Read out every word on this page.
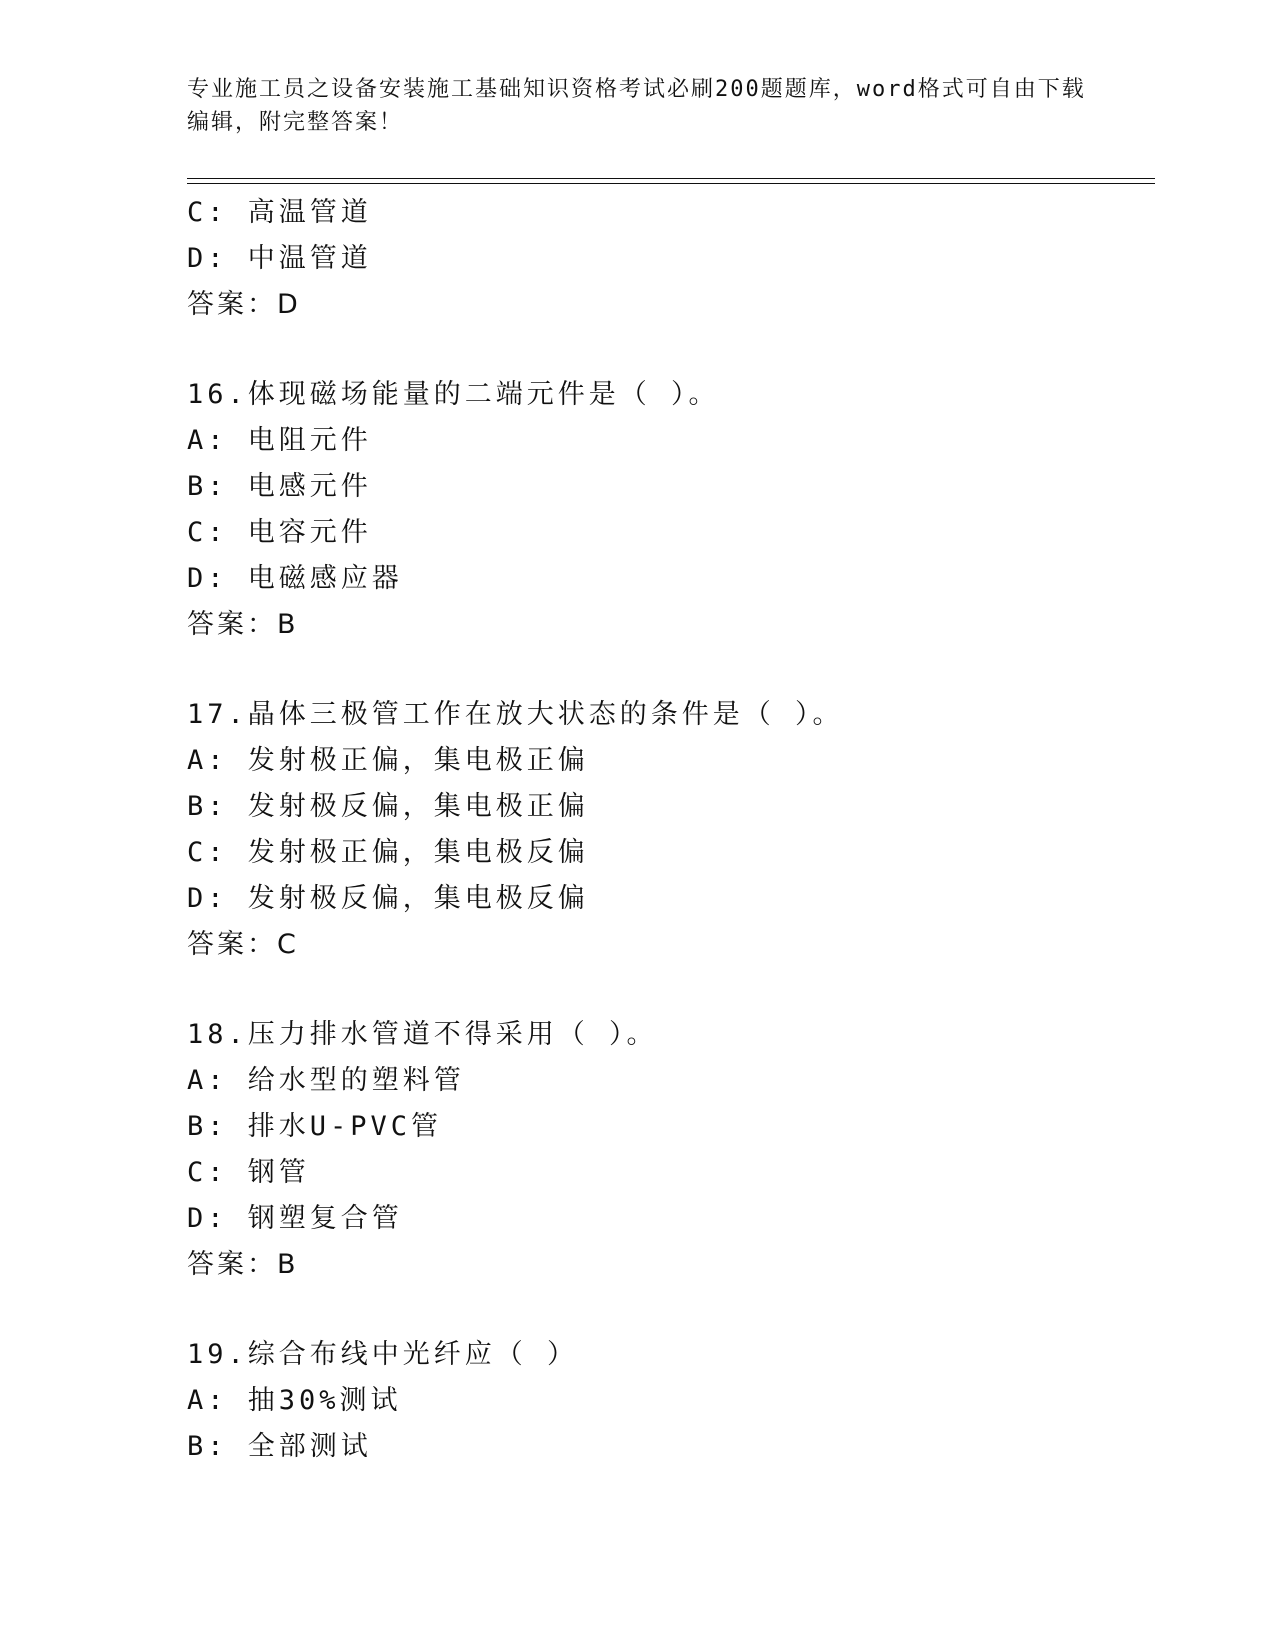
专业施工员之设备安装施工基础知识资格考试必刷200题题库，word格式可自由下载编辑，附完整答案！
C: 高温管道
D: 中温管道
答案：D
16.体现磁场能量的二端元件是（ ）。
A: 电阻元件
B: 电感元件
C: 电容元件
D: 电磁感应器
答案：B
17.晶体三极管工作在放大状态的条件是（ ）。
A: 发射极正偏，集电极正偏
B: 发射极反偏，集电极正偏
C: 发射极正偏，集电极反偏
D: 发射极反偏，集电极反偏
答案：C
18.压力排水管道不得采用（ ）。
A: 给水型的塑料管
B: 排水U-PVC管
C: 钢管
D: 钢塑复合管
答案：B
19.综合布线中光纤应（ ）
A: 抽30%测试
B: 全部测试
